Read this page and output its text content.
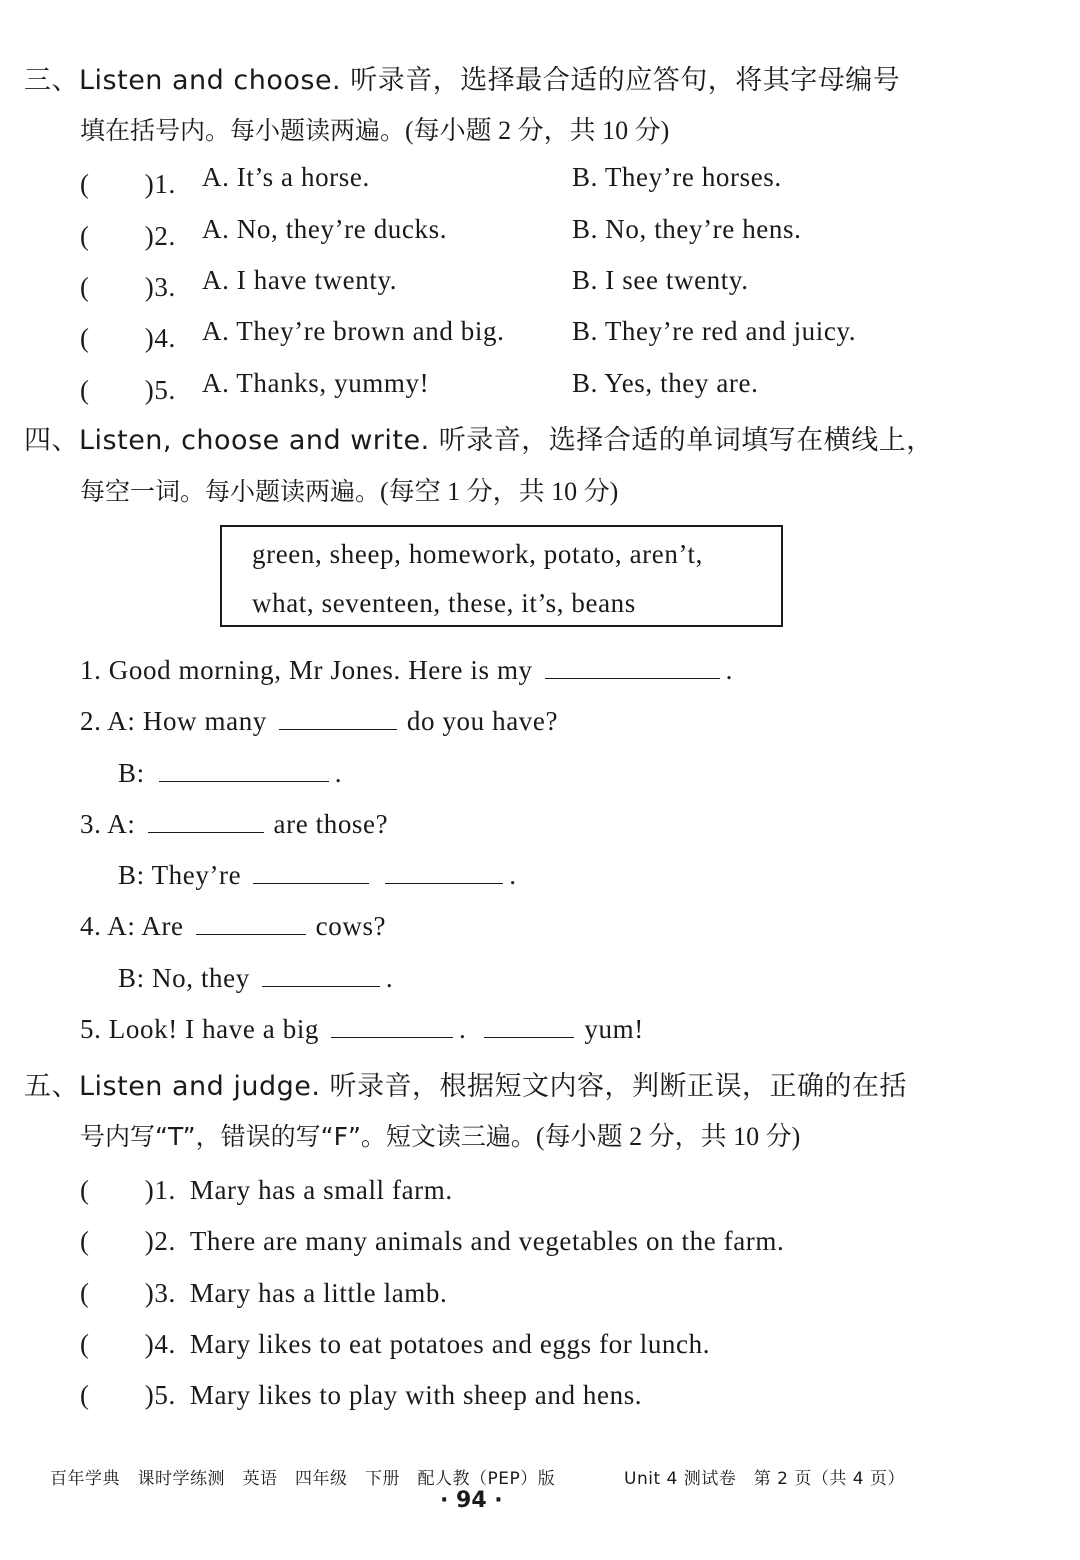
三、Listen and choose. 听录音，选择最合适的应答句，将其字母编号
填在括号内。每小题读两遍。(每小题 2 分，共 10 分)
(　　)1. A. It’s a horse.	B. They’re horses.
(　　)2. A. No, they’re ducks.	B. No, they’re hens.
(　　)3. A. I have twenty.	B. I see twenty.
(　　)4. A. They’re brown and big.	B. They’re red and juicy.
(　　)5. A. Thanks, yummy!	B. Yes, they are.
四、Listen, choose and write. 听录音，选择合适的单词填写在横线上，
每空一词。每小题读两遍。(每空 1 分，共 10 分)
green, sheep, homework, potato, aren’t,
what, seventeen, these, it’s, beans
1. Good morning, Mr Jones. Here is my	.
2. A: How many	do you have?
B:	.
3. A:	are those?
B: They’re	.
4. A: Are	cows?
B: No, they	.
5. Look! I have a big	.	yum!
五、Listen and judge. 听录音，根据短文内容，判断正误，正确的在括
号内写“T”，错误的写“F”。短文读三遍。(每小题 2 分，共 10 分)
(　　)1. Mary has a small farm.
(　　)2. There are many animals and vegetables on the farm.
(　　)3. Mary has a little lamb.
(　　)4. Mary likes to eat potatoes and eggs for lunch.
(　　)5. Mary likes to play with sheep and hens.
百年学典　课时学练测　英语　四年级　下册　配人教（PEP）版	Unit 4 测试卷　第 2 页（共 4 页）
· 94 ·
